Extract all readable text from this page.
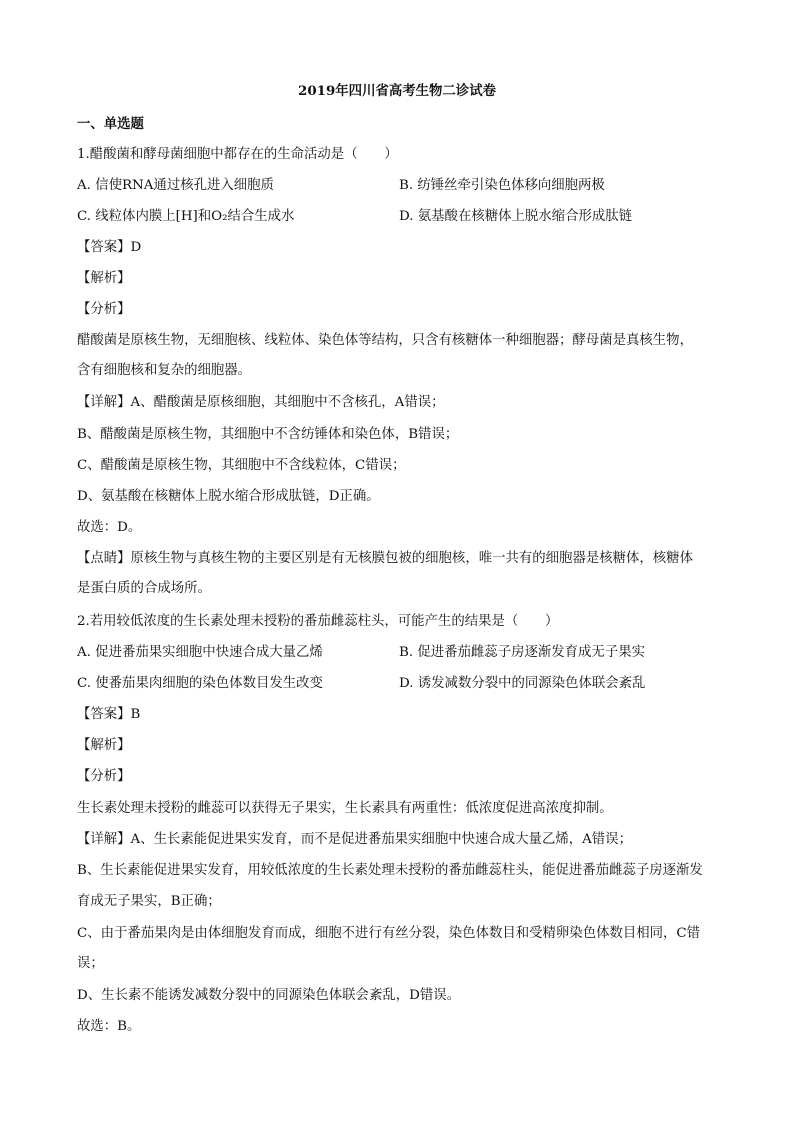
2019年四川省高考生物二诊试卷
一、单选题
1.醋酸菌和酵母菌细胞中都存在的生命活动是（　　）
A. 信使RNA通过核孔进入细胞质	B. 纺锤丝牵引染色体移向细胞两极
C. 线粒体内膜上[H]和O₂结合生成水	D. 氨基酸在核糖体上脱水缩合形成肽链
【答案】D
【解析】
【分析】
醋酸菌是原核生物，无细胞核、线粒体、染色体等结构，只含有核糖体一种细胞器；酵母菌是真核生物，
含有细胞核和复杂的细胞器。
【详解】A、醋酸菌是原核细胞，其细胞中不含核孔，A错误；
B、醋酸菌是原核生物，其细胞中不含纺锤体和染色体，B错误；
C、醋酸菌是原核生物，其细胞中不含线粒体，C错误；
D、氨基酸在核糖体上脱水缩合形成肽链，D正确。
故选：D。
【点睛】原核生物与真核生物的主要区别是有无核膜包被的细胞核，唯一共有的细胞器是核糖体，核糖体
是蛋白质的合成场所。
2.若用较低浓度的生长素处理未授粉的番茄雌蕊柱头，可能产生的结果是（　　）
A. 促进番茄果实细胞中快速合成大量乙烯	B. 促进番茄雌蕊子房逐渐发育成无子果实
C. 使番茄果肉细胞的染色体数目发生改变	D. 诱发减数分裂中的同源染色体联会紊乱
【答案】B
【解析】
【分析】
生长素处理未授粉的雌蕊可以获得无子果实，生长素具有两重性：低浓度促进高浓度抑制。
【详解】A、生长素能促进果实发育，而不是促进番茄果实细胞中快速合成大量乙烯，A错误；
B、生长素能促进果实发育，用较低浓度的生长素处理未授粉的番茄雌蕊柱头，能促进番茄雌蕊子房逐渐发
育成无子果实，B正确；
C、由于番茄果肉是由体细胞发育而成，细胞不进行有丝分裂，染色体数目和受精卵染色体数目相同，C错
误；
D、生长素不能诱发减数分裂中的同源染色体联会紊乱，D错误。
故选：B。
